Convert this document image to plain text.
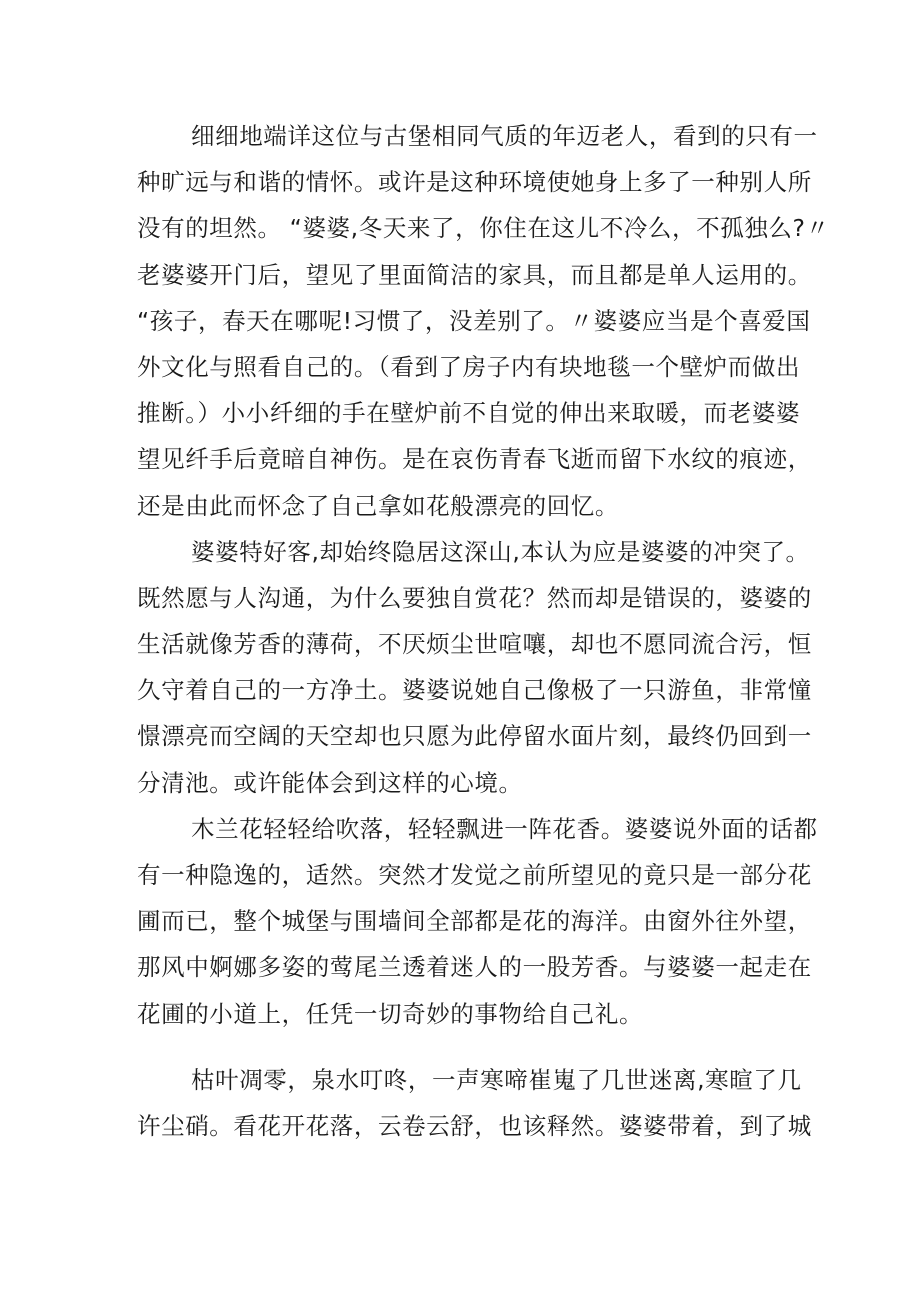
细细地端详这位与古堡相同气质的年迈老人，看到的只有一
种旷远与和谐的情怀。或许是这种环境使她身上多了一种别人所
没有的坦然。 “婆婆,冬天来了，你住在这儿不冷么，不孤独么?〃
老婆婆开门后，望见了里面简洁的家具，而且都是单人运用的。
“孩子，春天在哪呢!习惯了，没差别了。〃婆婆应当是个喜爱国
外文化与照看自己的。（看到了房子内有块地毯一个壁炉而做出
推断。）小小纤细的手在壁炉前不自觉的伸出来取暖，而老婆婆
望见纤手后竟暗自神伤。是在哀伤青春飞逝而留下水纹的痕迹，
还是由此而怀念了自己拿如花般漂亮的回忆。
婆婆特好客,却始终隐居这深山,本认为应是婆婆的冲突了。
既然愿与人沟通，为什么要独自赏花？然而却是错误的，婆婆的
生活就像芳香的薄荷，不厌烦尘世喧嚷，却也不愿同流合污，恒
久守着自己的一方净土。婆婆说她自己像极了一只游鱼，非常憧
憬漂亮而空阔的天空却也只愿为此停留水面片刻，最终仍回到一
分清池。或许能体会到这样的心境。
木兰花轻轻给吹落，轻轻飘进一阵花香。婆婆说外面的话都
有一种隐逸的，适然。突然才发觉之前所望见的竟只是一部分花
圃而已，整个城堡与围墙间全部都是花的海洋。由窗外往外望，
那风中婀娜多姿的莺尾兰透着迷人的一股芳香。与婆婆一起走在
花圃的小道上，任凭一切奇妙的事物给自己礼。
枯叶凋零，泉水叮咚，一声寒啼崔嵬了几世迷离,寒暄了几
许尘硝。看花开花落，云卷云舒，也该释然。婆婆带着，到了城
